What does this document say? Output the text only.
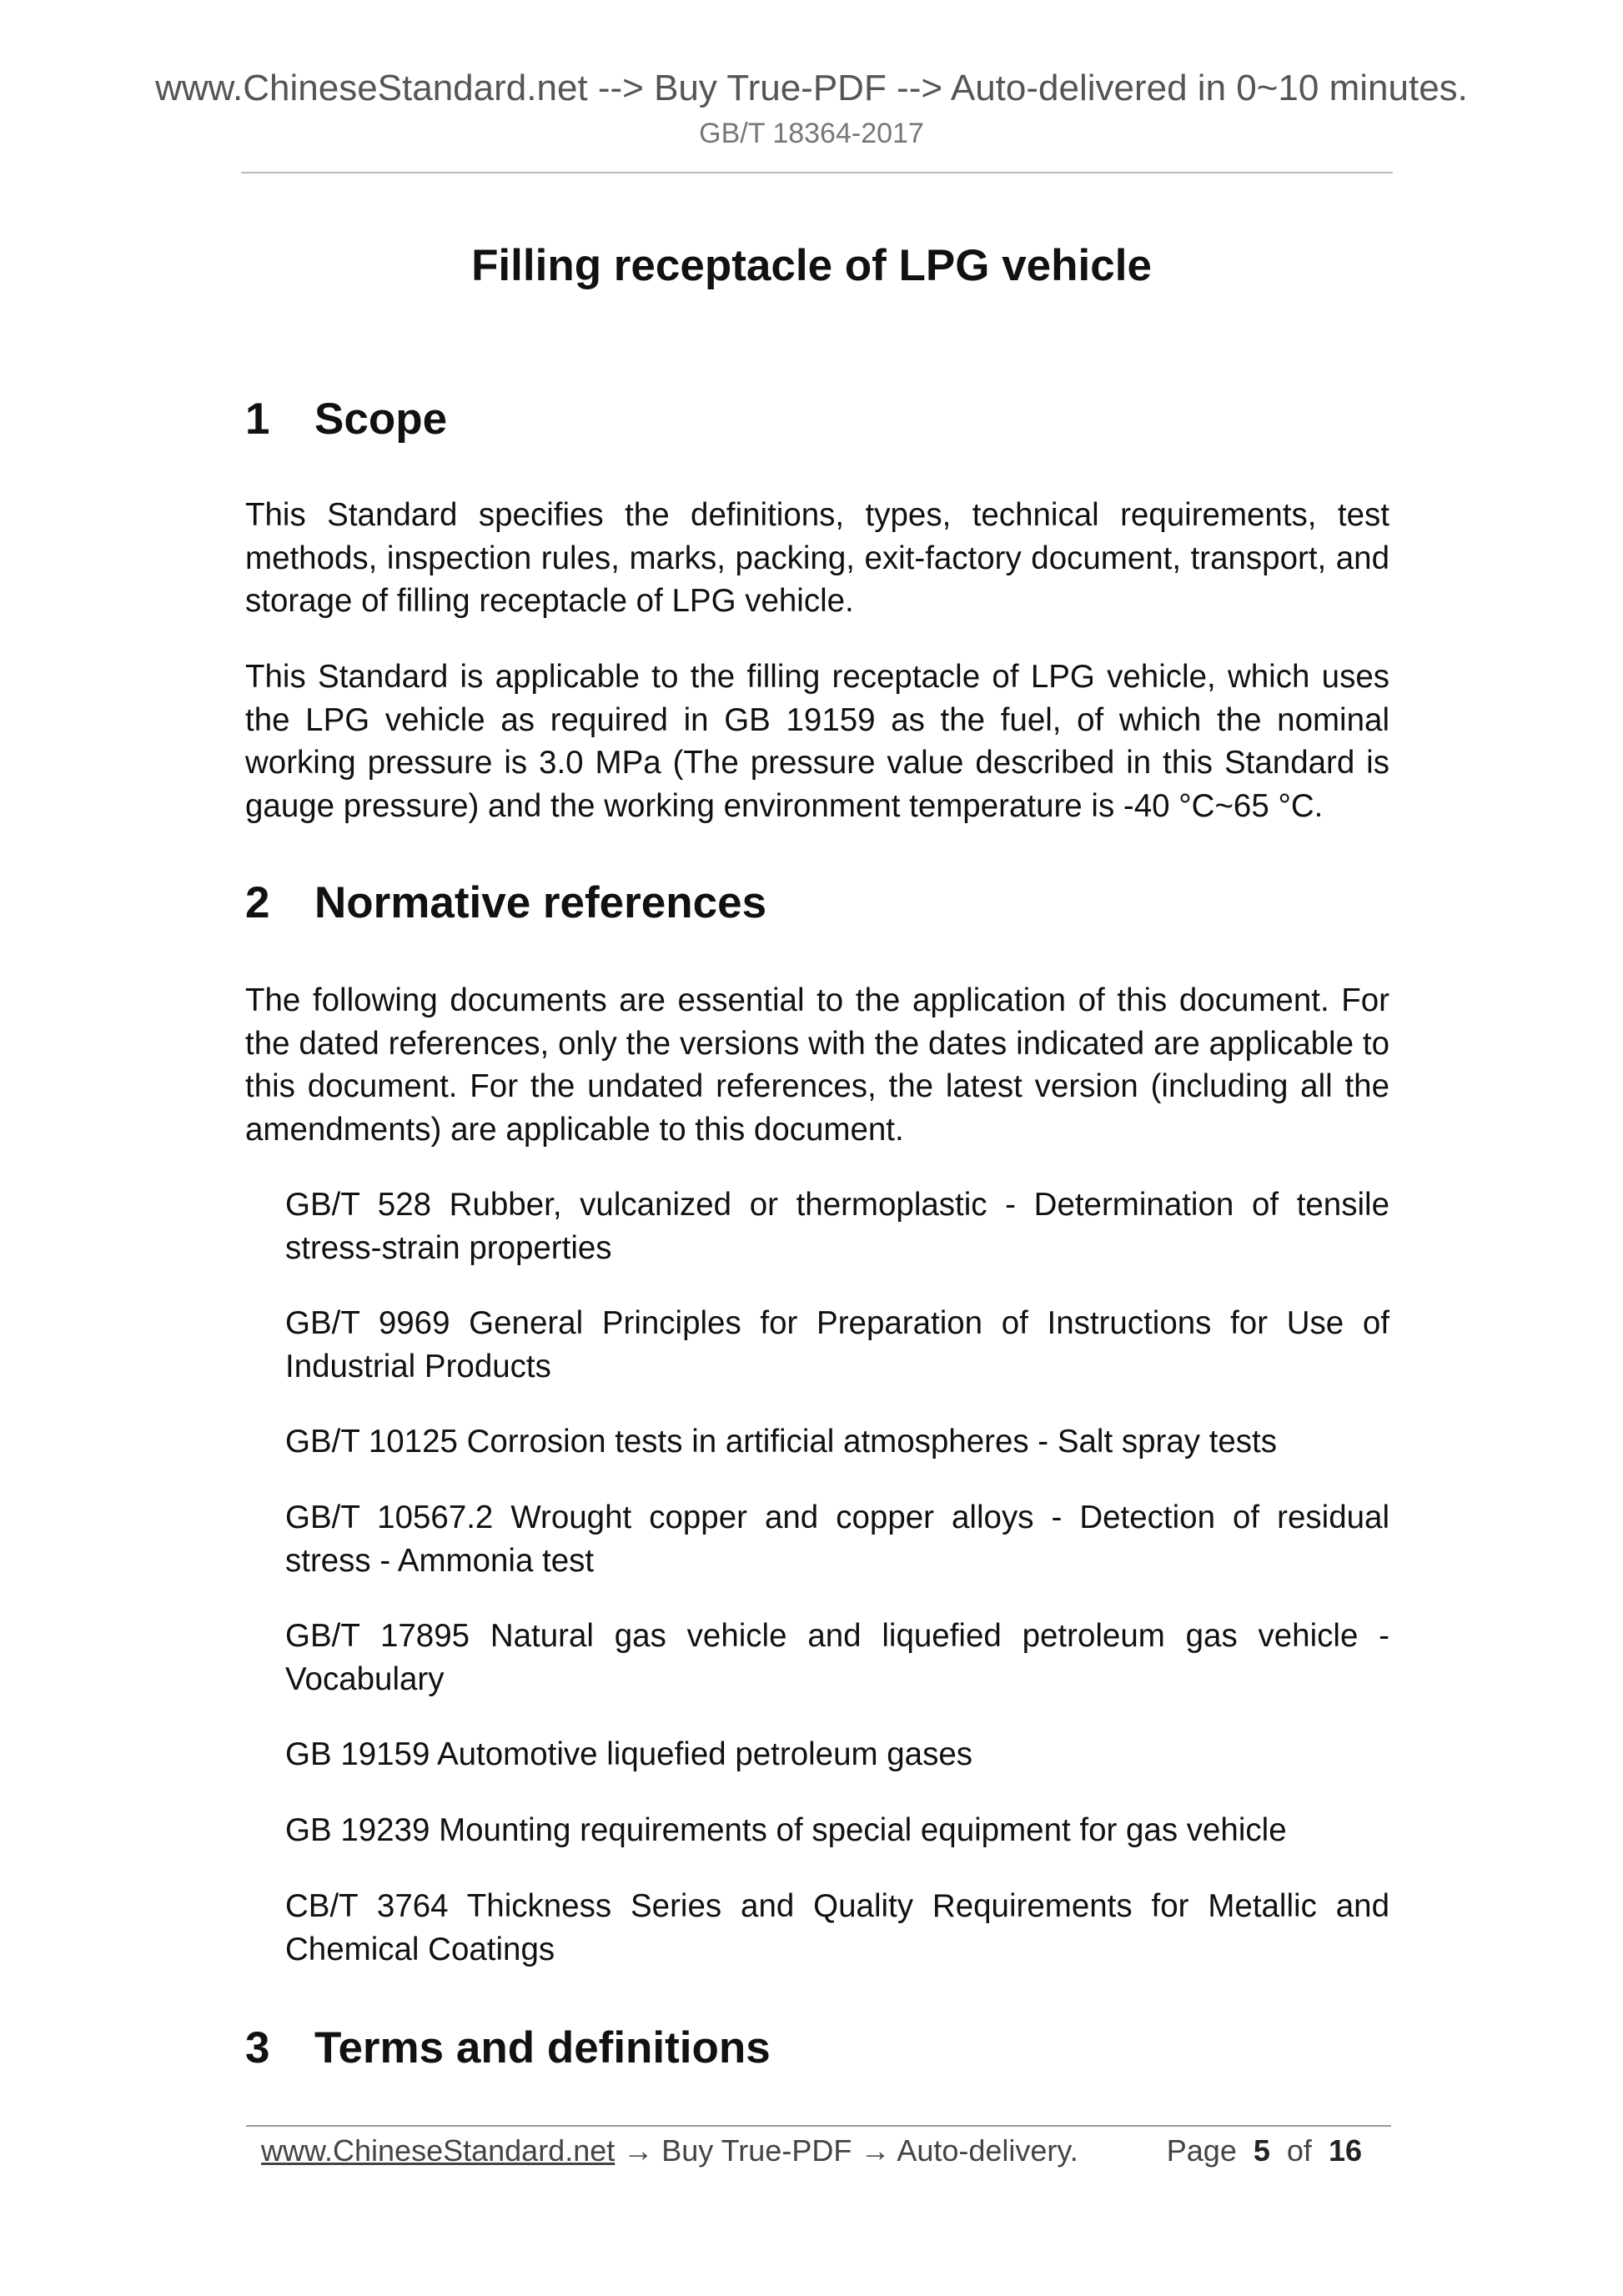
www.ChineseStandard.net --> Buy True-PDF --> Auto-delivered in 0~10 minutes.
GB/T 18364-2017
Filling receptacle of LPG vehicle
1 Scope

This Standard specifies the definitions, types, technical requirements, test methods, inspection rules, marks, packing, exit-factory document, transport, and storage of filling receptacle of LPG vehicle.

This Standard is applicable to the filling receptacle of LPG vehicle, which uses the LPG vehicle as required in GB 19159 as the fuel, of which the nominal working pressure is 3.0 MPa (The pressure value described in this Standard is gauge pressure) and the working environment temperature is -40 °C~65 °C.

2 Normative references

The following documents are essential to the application of this document. For the dated references, only the versions with the dates indicated are applicable to this document. For the undated references, the latest version (including all the amendments) are applicable to this document.

GB/T 528 Rubber, vulcanized or thermoplastic - Determination of tensile stress-strain properties

GB/T 9969 General Principles for Preparation of Instructions for Use of Industrial Products

GB/T 10125 Corrosion tests in artificial atmospheres - Salt spray tests

GB/T 10567.2 Wrought copper and copper alloys - Detection of residual stress - Ammonia test

GB/T 17895 Natural gas vehicle and liquefied petroleum gas vehicle - Vocabulary

GB 19159 Automotive liquefied petroleum gases

GB 19239 Mounting requirements of special equipment for gas vehicle

CB/T 3764 Thickness Series and Quality Requirements for Metallic and Chemical Coatings

3 Terms and definitions
www.ChineseStandard.net → Buy True-PDF → Auto-delivery.	Page 5 of 16
